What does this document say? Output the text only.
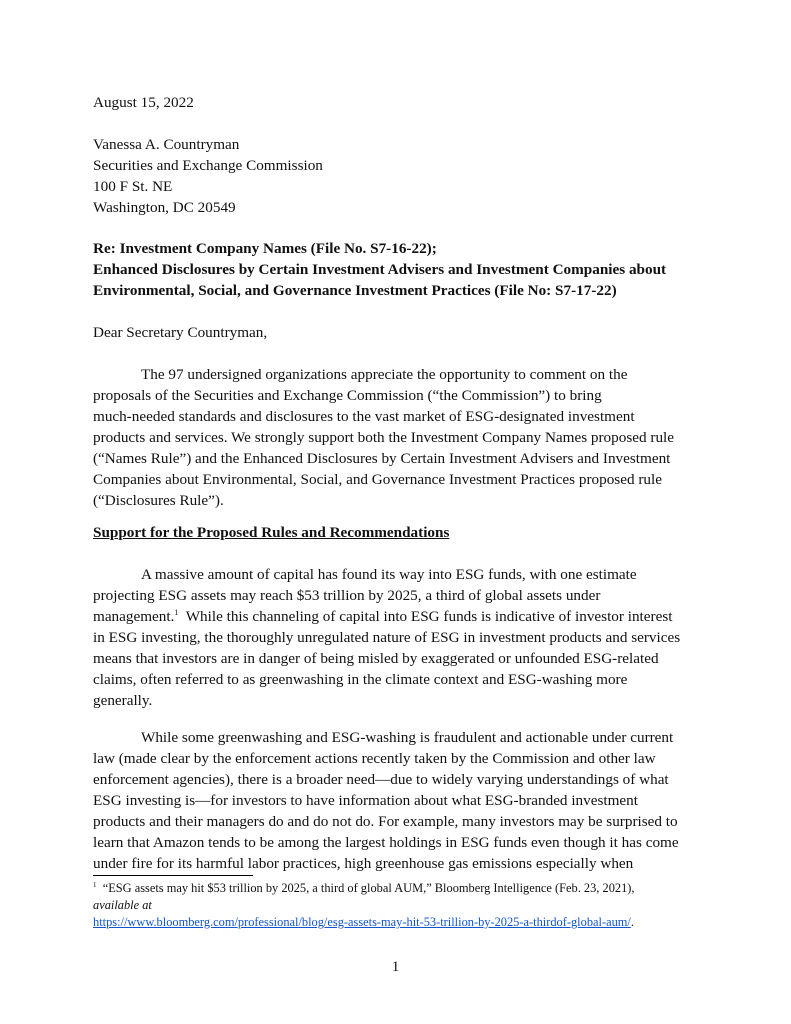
August 15, 2022
Vanessa A. Countryman
Securities and Exchange Commission
100 F St. NE
Washington, DC 20549
Re: Investment Company Names (File No. S7-16-22);
Enhanced Disclosures by Certain Investment Advisers and Investment Companies about
Environmental, Social, and Governance Investment Practices (File No: S7-17-22)
Dear Secretary Countryman,
The 97 undersigned organizations appreciate the opportunity to comment on the
proposals of the Securities and Exchange Commission (“the Commission”) to bring
much-needed standards and disclosures to the vast market of ESG-designated investment
products and services. We strongly support both the Investment Company Names proposed rule
(“Names Rule”) and the Enhanced Disclosures by Certain Investment Advisers and Investment
Companies about Environmental, Social, and Governance Investment Practices proposed rule
(“Disclosures Rule”).
Support for the Proposed Rules and Recommendations
A massive amount of capital has found its way into ESG funds, with one estimate
projecting ESG assets may reach $53 trillion by 2025, a third of global assets under
management.$^1$  While this channeling of capital into ESG funds is indicative of investor interest
in ESG investing, the thoroughly unregulated nature of ESG in investment products and services
means that investors are in danger of being misled by exaggerated or unfounded ESG-related
claims, often referred to as greenwashing in the climate context and ESG-washing more
generally.
While some greenwashing and ESG-washing is fraudulent and actionable under current
law (made clear by the enforcement actions recently taken by the Commission and other law
enforcement agencies), there is a broader need—due to widely varying understandings of what
ESG investing is—for investors to have information about what ESG-branded investment
products and their managers do and do not do. For example, many investors may be surprised to
learn that Amazon tends to be among the largest holdings in ESG funds even though it has come
under fire for its harmful labor practices, high greenhouse gas emissions especially when
$^1$  “ESG assets may hit $53 trillion by 2025, a third of global AUM,” Bloomberg Intelligence (Feb. 23, 2021),
available at
https://www.bloomberg.com/professional/blog/esg-assets-may-hit-53-trillion-by-2025-a-thirdof-global-aum/.
1
